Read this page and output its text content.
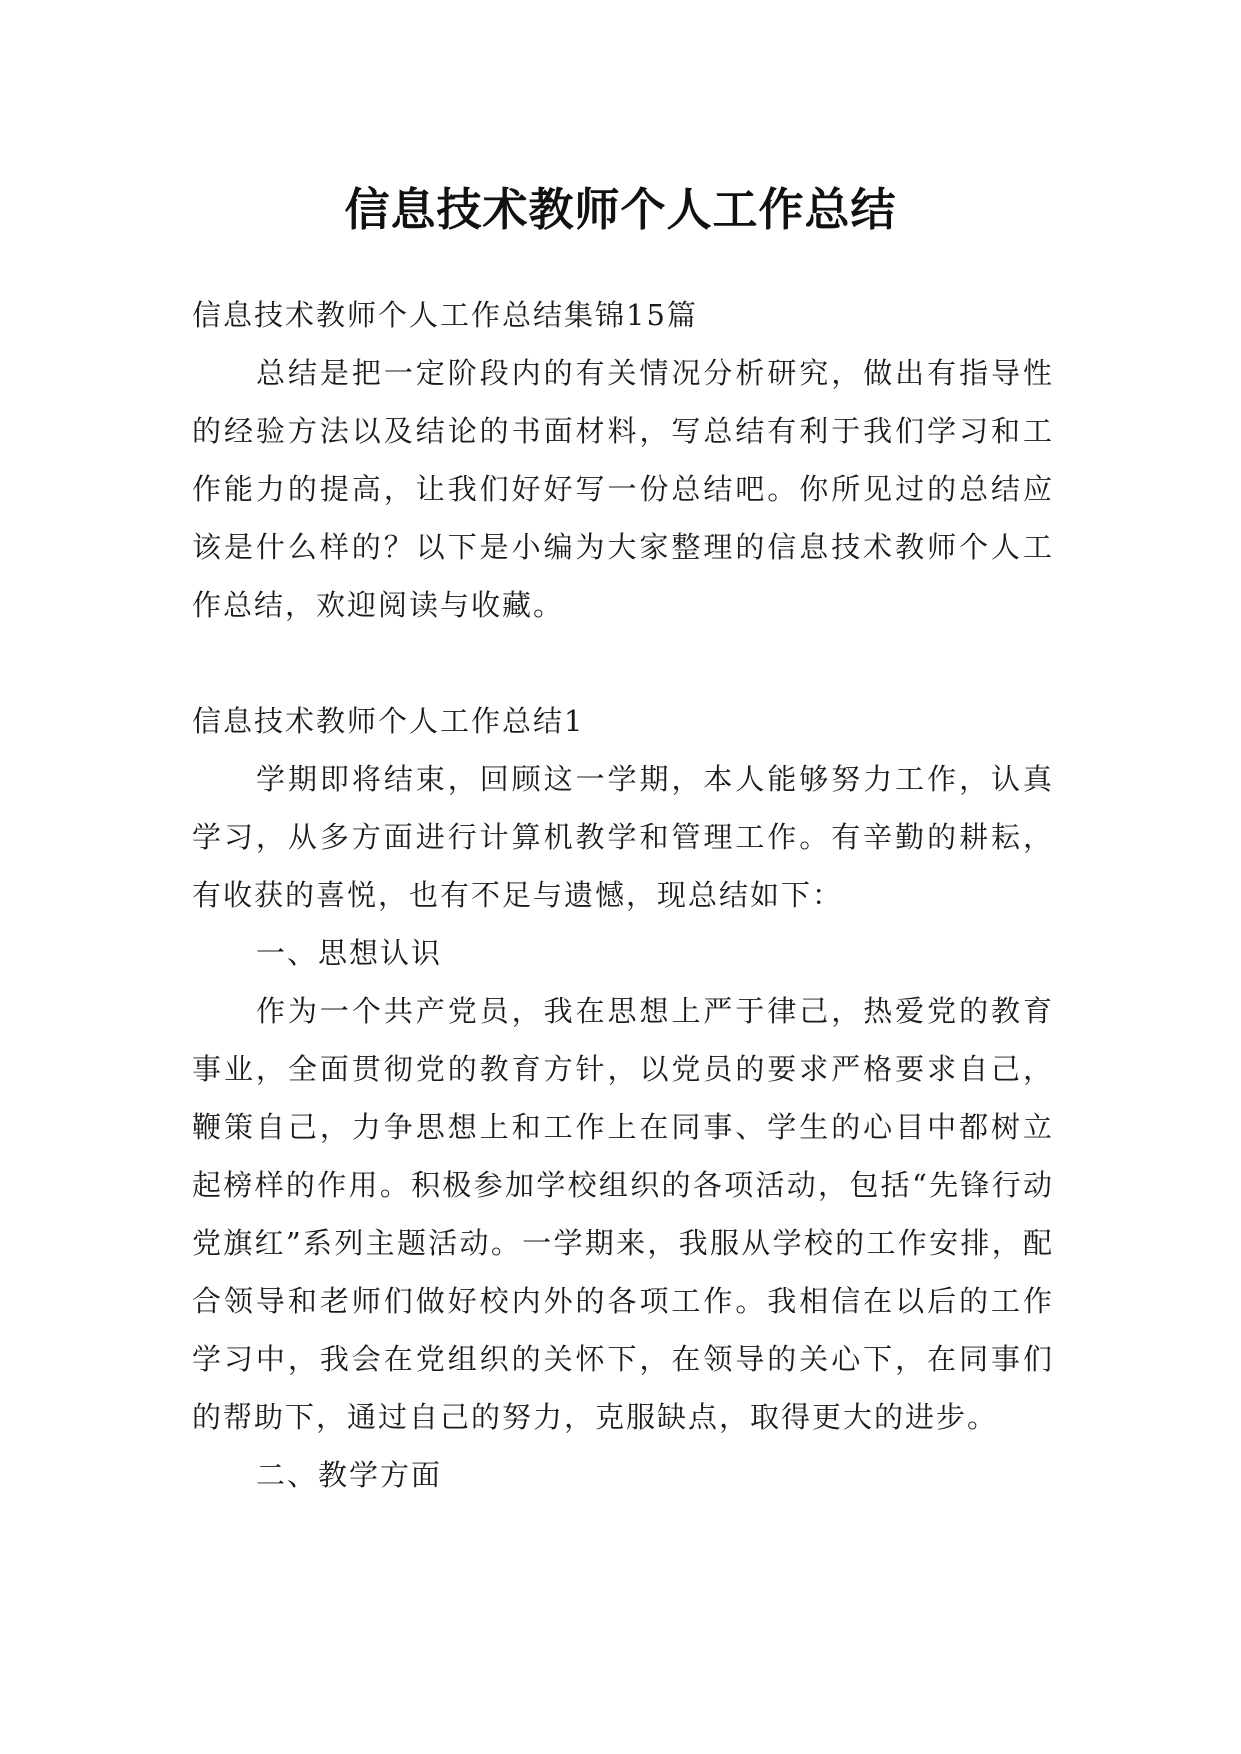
信息技术教师个人工作总结

信息技术教师个人工作总结集锦15篇

总结是把一定阶段内的有关情况分析研究，做出有指导性的经验方法以及结论的书面材料，写总结有利于我们学习和工作能力的提高，让我们好好写一份总结吧。你所见过的总结应该是什么样的？以下是小编为大家整理的信息技术教师个人工作总结，欢迎阅读与收藏。

信息技术教师个人工作总结1

学期即将结束，回顾这一学期，本人能够努力工作，认真学习，从多方面进行计算机教学和管理工作。有辛勤的耕耘，有收获的喜悦，也有不足与遗憾，现总结如下：

一、思想认识

作为一个共产党员，我在思想上严于律己，热爱党的教育事业，全面贯彻党的教育方针，以党员的要求严格要求自己，鞭策自己，力争思想上和工作上在同事、学生的心目中都树立起榜样的作用。积极参加学校组织的各项活动，包括“先锋行动党旗红”系列主题活动。一学期来，我服从学校的工作安排，配合领导和老师们做好校内外的各项工作。我相信在以后的工作学习中，我会在党组织的关怀下，在领导的关心下，在同事们的帮助下，通过自己的努力，克服缺点，取得更大的进步。

二、教学方面
